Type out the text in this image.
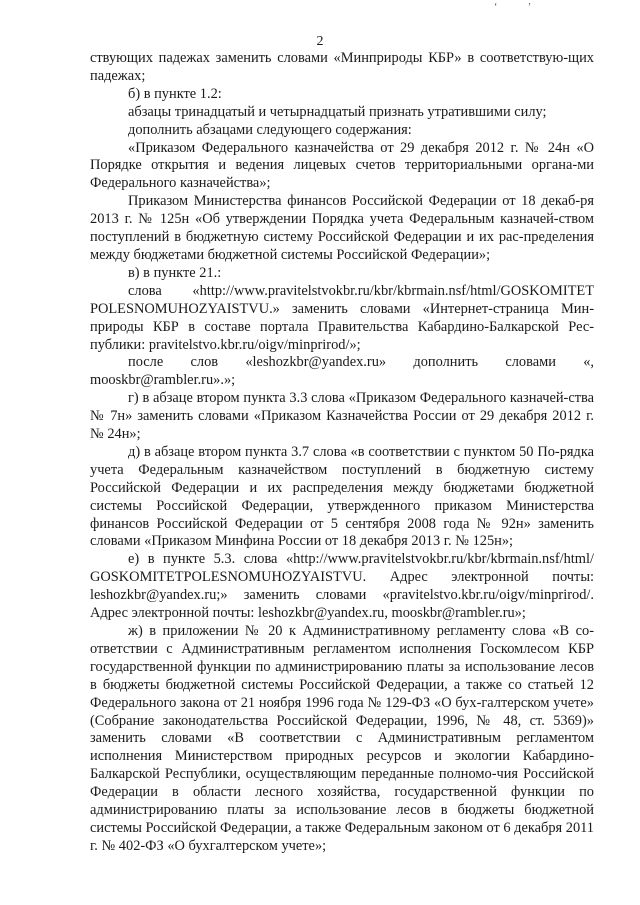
‘ ’
2

ствующих падежах заменить словами «Минприроды КБР» в соответствую-щих падежах;

б) в пункте 1.2:

абзацы тринадцатый и четырнадцатый признать утратившими силу;

дополнить абзацами следующего содержания:

«Приказом Федерального казначейства от 29 декабря 2012 г. № 24н «О Порядке открытия и ведения лицевых счетов территориальными органа-ми Федерального казначейства»;

Приказом Министерства финансов Российской Федерации от 18 декаб-ря 2013 г. № 125н «Об утверждении Порядка учета Федеральным казначей-ством поступлений в бюджетную систему Российской Федерации и их рас-пределения между бюджетами бюджетной системы Российской Федерации»;

в) в пункте 21.:

слова «http://www.pravitelstvokbr.ru/kbr/kbrmain.nsf/html/GOSKOMITET POLESNOMUHOZYAISTVU.» заменить словами «Интернет-страница Мин-природы КБР в составе портала Правительства Кабардино-Балкарской Рес-публики: pravitelstvo.kbr.ru/oigv/minprirod/»;

после слов «leshozkbr@yandex.ru» дополнить словами «, mooskbr@rambler.ru».»;

г) в абзаце втором пункта 3.3 слова «Приказом Федерального казначей-ства № 7н» заменить словами «Приказом Казначейства России от 29 декабря 2012 г. № 24н»;

д) в абзаце втором пункта 3.7 слова «в соответствии с пунктом 50 По-рядка учета Федеральным казначейством поступлений в бюджетную систему Российской Федерации и их распределения между бюджетами бюджетной системы Российской Федерации, утвержденного приказом Министерства финансов Российской Федерации от 5 сентября 2008 года № 92н» заменить словами «Приказом Минфина России от 18 декабря 2013 г. № 125н»;

е) в пункте 5.3. слова «http://www.pravitelstvokbr.ru/kbr/kbrmain.nsf/html/ GOSKOMITETPOLESNOMUHOZYAISTVU. Адрес электронной почты: leshozkbr@yandex.ru;» заменить словами «pravitelstvo.kbr.ru/oigv/minprirod/. Адрес электронной почты: leshozkbr@yandex.ru, mooskbr@rambler.ru»;

ж) в приложении № 20 к Административному регламенту слова «В со-ответствии с Административным регламентом исполнения Госкомлесом КБР государственной функции по администрированию платы за использование лесов в бюджеты бюджетной системы Российской Федерации, а также со статьей 12 Федерального закона от 21 ноября 1996 года № 129-ФЗ «О бух-галтерском учете» (Собрание законодательства Российской Федерации, 1996, № 48, ст. 5369)» заменить словами «В соответствии с Административным регламентом исполнения Министерством природных ресурсов и экологии Кабардино-Балкарской Республики, осуществляющим переданные полномо-чия Российской Федерации в области лесного хозяйства, государственной функции по администрированию платы за использование лесов в бюджеты бюджетной системы Российской Федерации, а также Федеральным законом от 6 декабря 2011 г. № 402-ФЗ «О бухгалтерском учете»;
